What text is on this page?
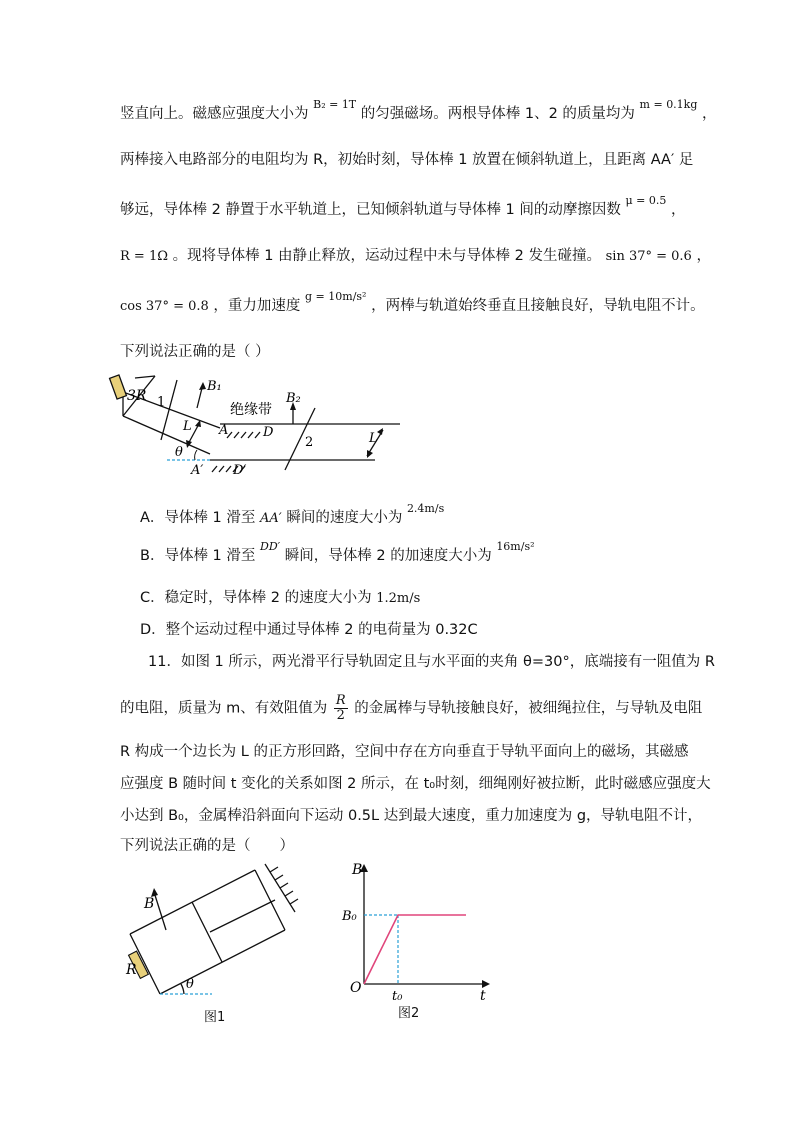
竖直向上。磁感应强度大小为 $^{B_2 = 1T}$ 的匀强磁场。两根导体棒 1、2 的质量均为 $^{m = 0.1kg}$ ，
两棒接入电路部分的电阻均为 R，初始时刻，导体棒 1 放置在倾斜轨道上，且距离 AA′ 足
够远，导体棒 2 静置于水平轨道上，已知倾斜轨道与导体棒 1 间的动摩擦因数 $^{\mu = 0.5}$ ，
R = 1Ω 。现将导体棒 1 由静止释放，运动过程中未与导体棒 2 发生碰撞。 sin 37° = 0.6 ，
cos 37° = 0.8 ，重力加速度 $^{g = 10m/s^2}$ ，两棒与轨道始终垂直且接触良好，导轨电阻不计。
下列说法正确的是（ ）
3R
B₁
1	绝缘带
B₂
L A	D
2	L
θ
A′ D′
A．导体棒 1 滑至 AA′ 瞬间的速度大小为 $^{2.4m/s}$
B．导体棒 1 滑至 $^{DD'}$ 瞬间，导体棒 2 的加速度大小为 $^{16m/s^2}$
C．稳定时，导体棒 2 的速度大小为 1.2m/s
D．整个运动过程中通过导体棒 2 的电荷量为 0.32C
11．如图 1 所示，两光滑平行导轨固定且与水平面的夹角 θ=30°，底端接有一阻值为 R
的电阻，质量为 m、有效阻值为 $\frac{R}{2}$ 的金属棒与导轨接触良好，被细绳拉住，与导轨及电阻
R 构成一个边长为 L 的正方形回路，空间中存在方向垂直于导轨平面向上的磁场，其磁感
应强度 B 随时间 t 变化的关系如图 2 所示，在 t₀时刻，细绳刚好被拉断，此时磁感应强度大
小达到 B₀，金属棒沿斜面向下运动 0.5L 达到最大速度，重力加速度为 g，导轨电阻不计，
下列说法正确的是（　　）
B
R
θ
图1
B
B₀
O
t₀	t
图2
